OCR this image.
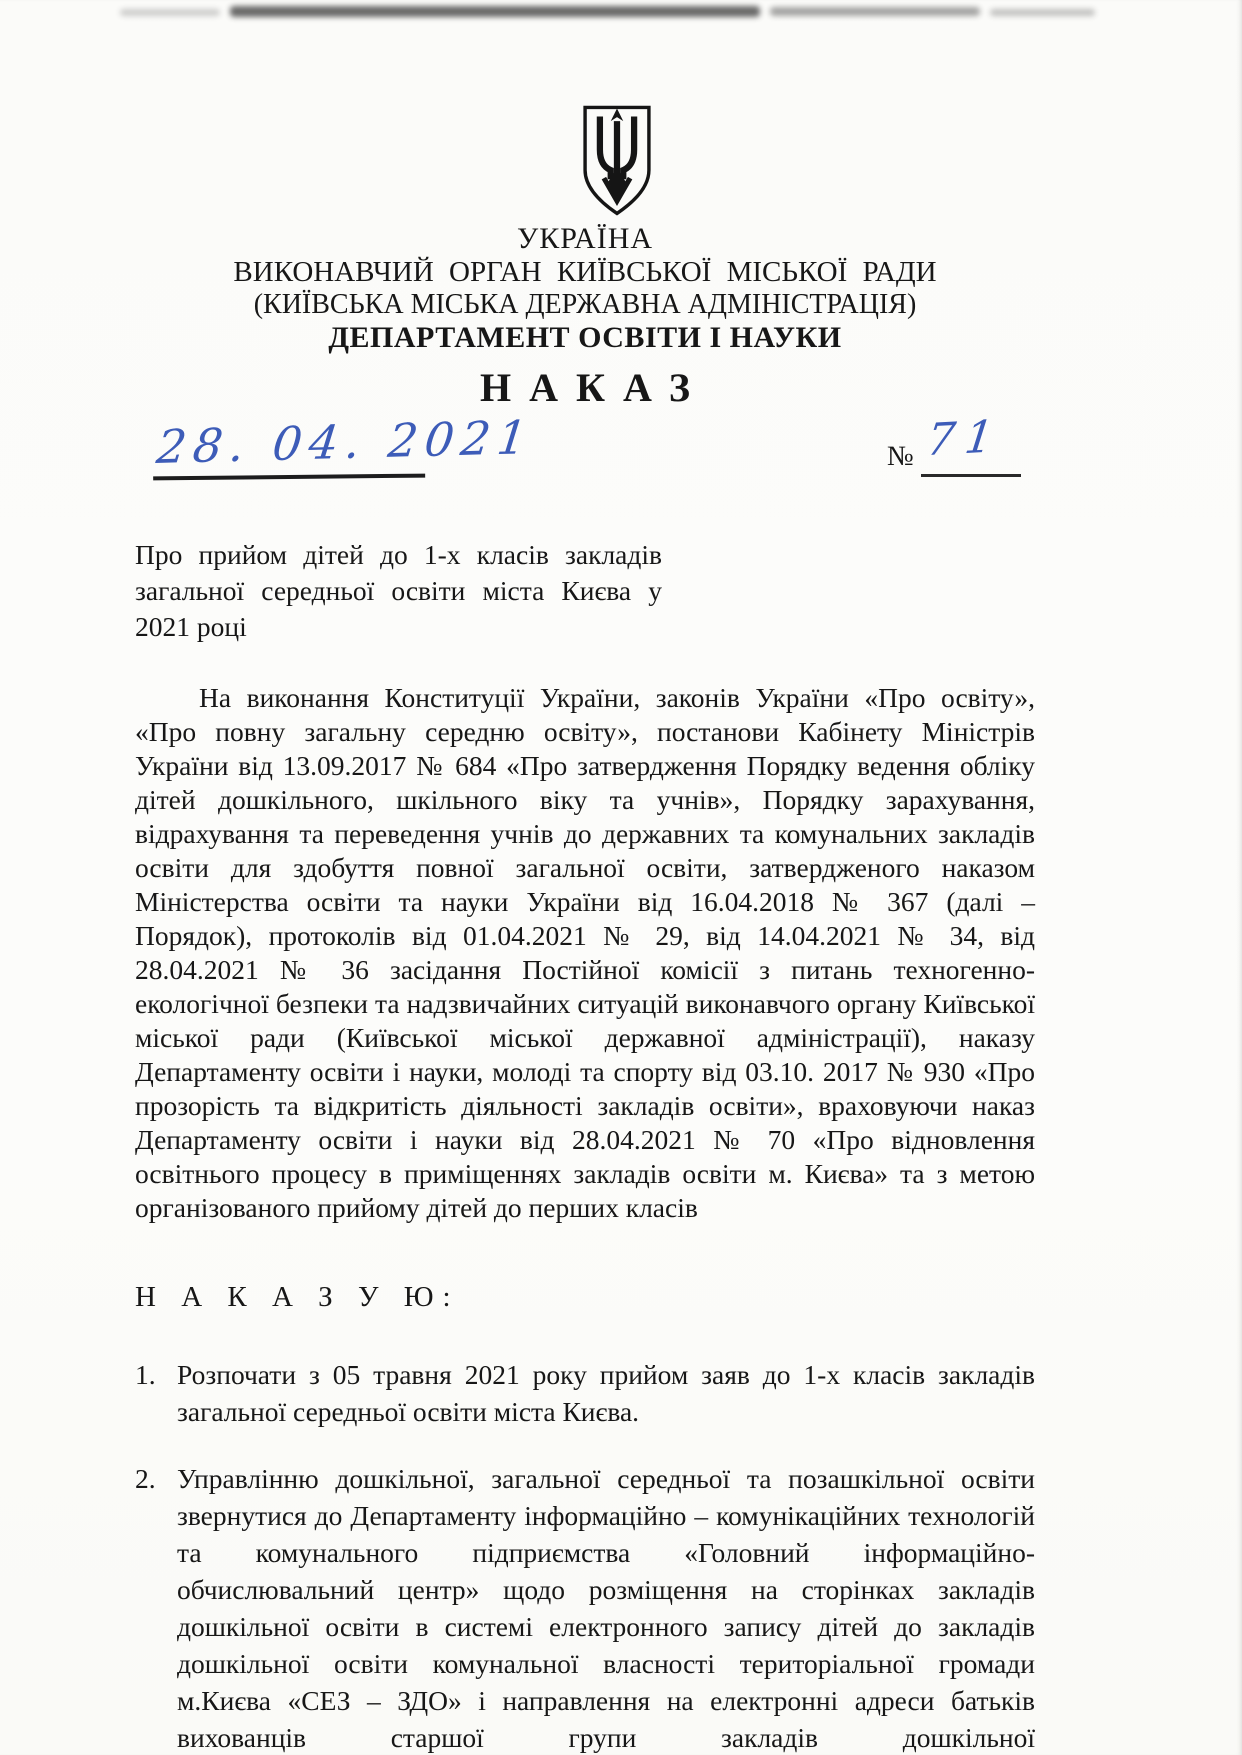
УКРАЇНА
ВИКОНАВЧИЙ ОРГАН КИЇВСЬКОЇ МІСЬКОЇ РАДИ
(КИЇВСЬКА МІСЬКА ДЕРЖАВНА АДМІНІСТРАЦІЯ)
ДЕПАРТАМЕНТ ОСВІТИ І НАУКИ
НАКАЗ
28. 04. 2021	№ 71
Про прийом дітей до 1-х класів закладів загальної середньої освіти міста Києва у 2021 році
На виконання Конституції України, законів України «Про освіту», «Про повну загальну середню освіту», постанови Кабінету Міністрів України від 13.09.2017 № 684 «Про затвердження Порядку ведення обліку дітей дошкільного, шкільного віку та учнів», Порядку зарахування, відрахування та переведення учнів до державних та комунальних закладів освіти для здобуття повної загальної освіти, затвердженого наказом Міністерства освіти та науки України від 16.04.2018 № 367 (далі – Порядок), протоколів від 01.04.2021 № 29, від 14.04.2021 № 34, від 28.04.2021 № 36 засідання Постійної комісії з питань техногенно-екологічної безпеки та надзвичайних ситуацій виконавчого органу Київської міської ради (Київської міської державної адміністрації), наказу Департаменту освіти і науки, молоді та спорту від 03.10. 2017 № 930 «Про прозорість та відкритість діяльності закладів освіти», враховуючи наказ Департаменту освіти і науки від 28.04.2021 № 70 «Про відновлення освітнього процесу в приміщеннях закладів освіти м. Києва» та з метою організованого прийому дітей до перших класів
Н А К А З У Ю:
1. Розпочати з 05 травня 2021 року прийом заяв до 1-х класів закладів загальної середньої освіти міста Києва.
2. Управлінню дошкільної, загальної середньої та позашкільної освіти звернутися до Департаменту інформаційно – комунікаційних технологій та комунального підприємства «Головний інформаційно-обчислювальний центр» щодо розміщення на сторінках закладів дошкільної освіти в системі електронного запису дітей до закладів дошкільної освіти комунальної власності територіальної громади м.Києва «СЕЗ – ЗДО» і направлення на електронні адреси батьків вихованців старшої групи закладів дошкільної
